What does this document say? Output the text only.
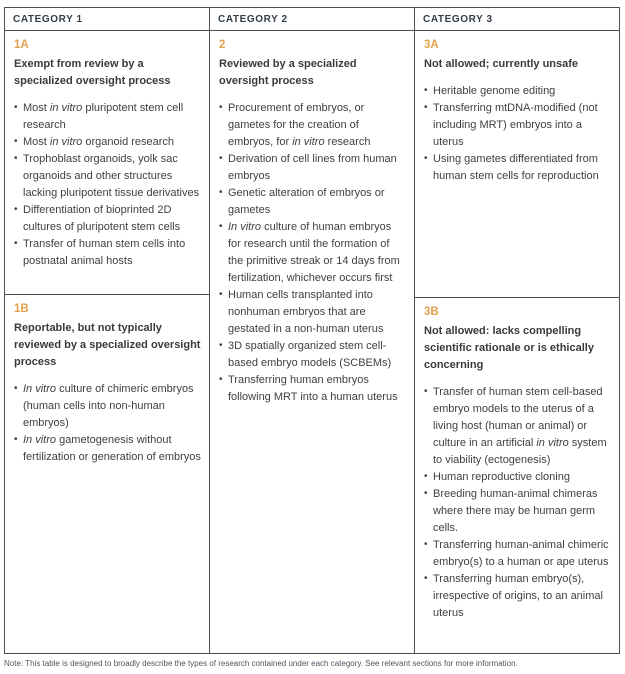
CATEGORY 1
1A
Exempt from review by a specialized oversight process
• Most in vitro pluripotent stem cell research
• Most in vitro organoid research
• Trophoblast organoids, yolk sac organoids and other structures lacking pluripotent tissue derivatives
• Differentiation of bioprinted 2D cultures of pluripotent stem cells
• Transfer of human stem cells into postnatal animal hosts
1B
Reportable, but not typically reviewed by a specialized oversight process
• In vitro culture of chimeric embryos (human cells into non-human embryos)
• In vitro gametogenesis without fertilization or generation of embryos
CATEGORY 2
2
Reviewed by a specialized oversight process
• Procurement of embryos, or gametes for the creation of embryos, for in vitro research
• Derivation of cell lines from human embryos
• Genetic alteration of embryos or gametes
• In vitro culture of human embryos for research until the formation of the primitive streak or 14 days from fertilization, whichever occurs first
• Human cells transplanted into nonhuman embryos that are gestated in a non-human uterus
• 3D spatially organized stem cell-based embryo models (SCBEMs)
• Transferring human embryos following MRT into a human uterus
CATEGORY 3
3A
Not allowed; currently unsafe
• Heritable genome editing
• Transferring mtDNA-modified (not including MRT) embryos into a uterus
• Using gametes differentiated from human stem cells for reproduction
3B
Not allowed: lacks compelling scientific rationale or is ethically concerning
• Transfer of human stem cell-based embryo models to the uterus of a living host (human or animal) or culture in an artificial in vitro system to viability (ectogenesis)
• Human reproductive cloning
• Breeding human-animal chimeras where there may be human germ cells.
• Transferring human-animal chimeric embryo(s) to a human or ape uterus
• Transferring human embryo(s), irrespective of origins, to an animal uterus
Note: This table is designed to broadly describe the types of research contained under each category. See relevant sections for more information.
